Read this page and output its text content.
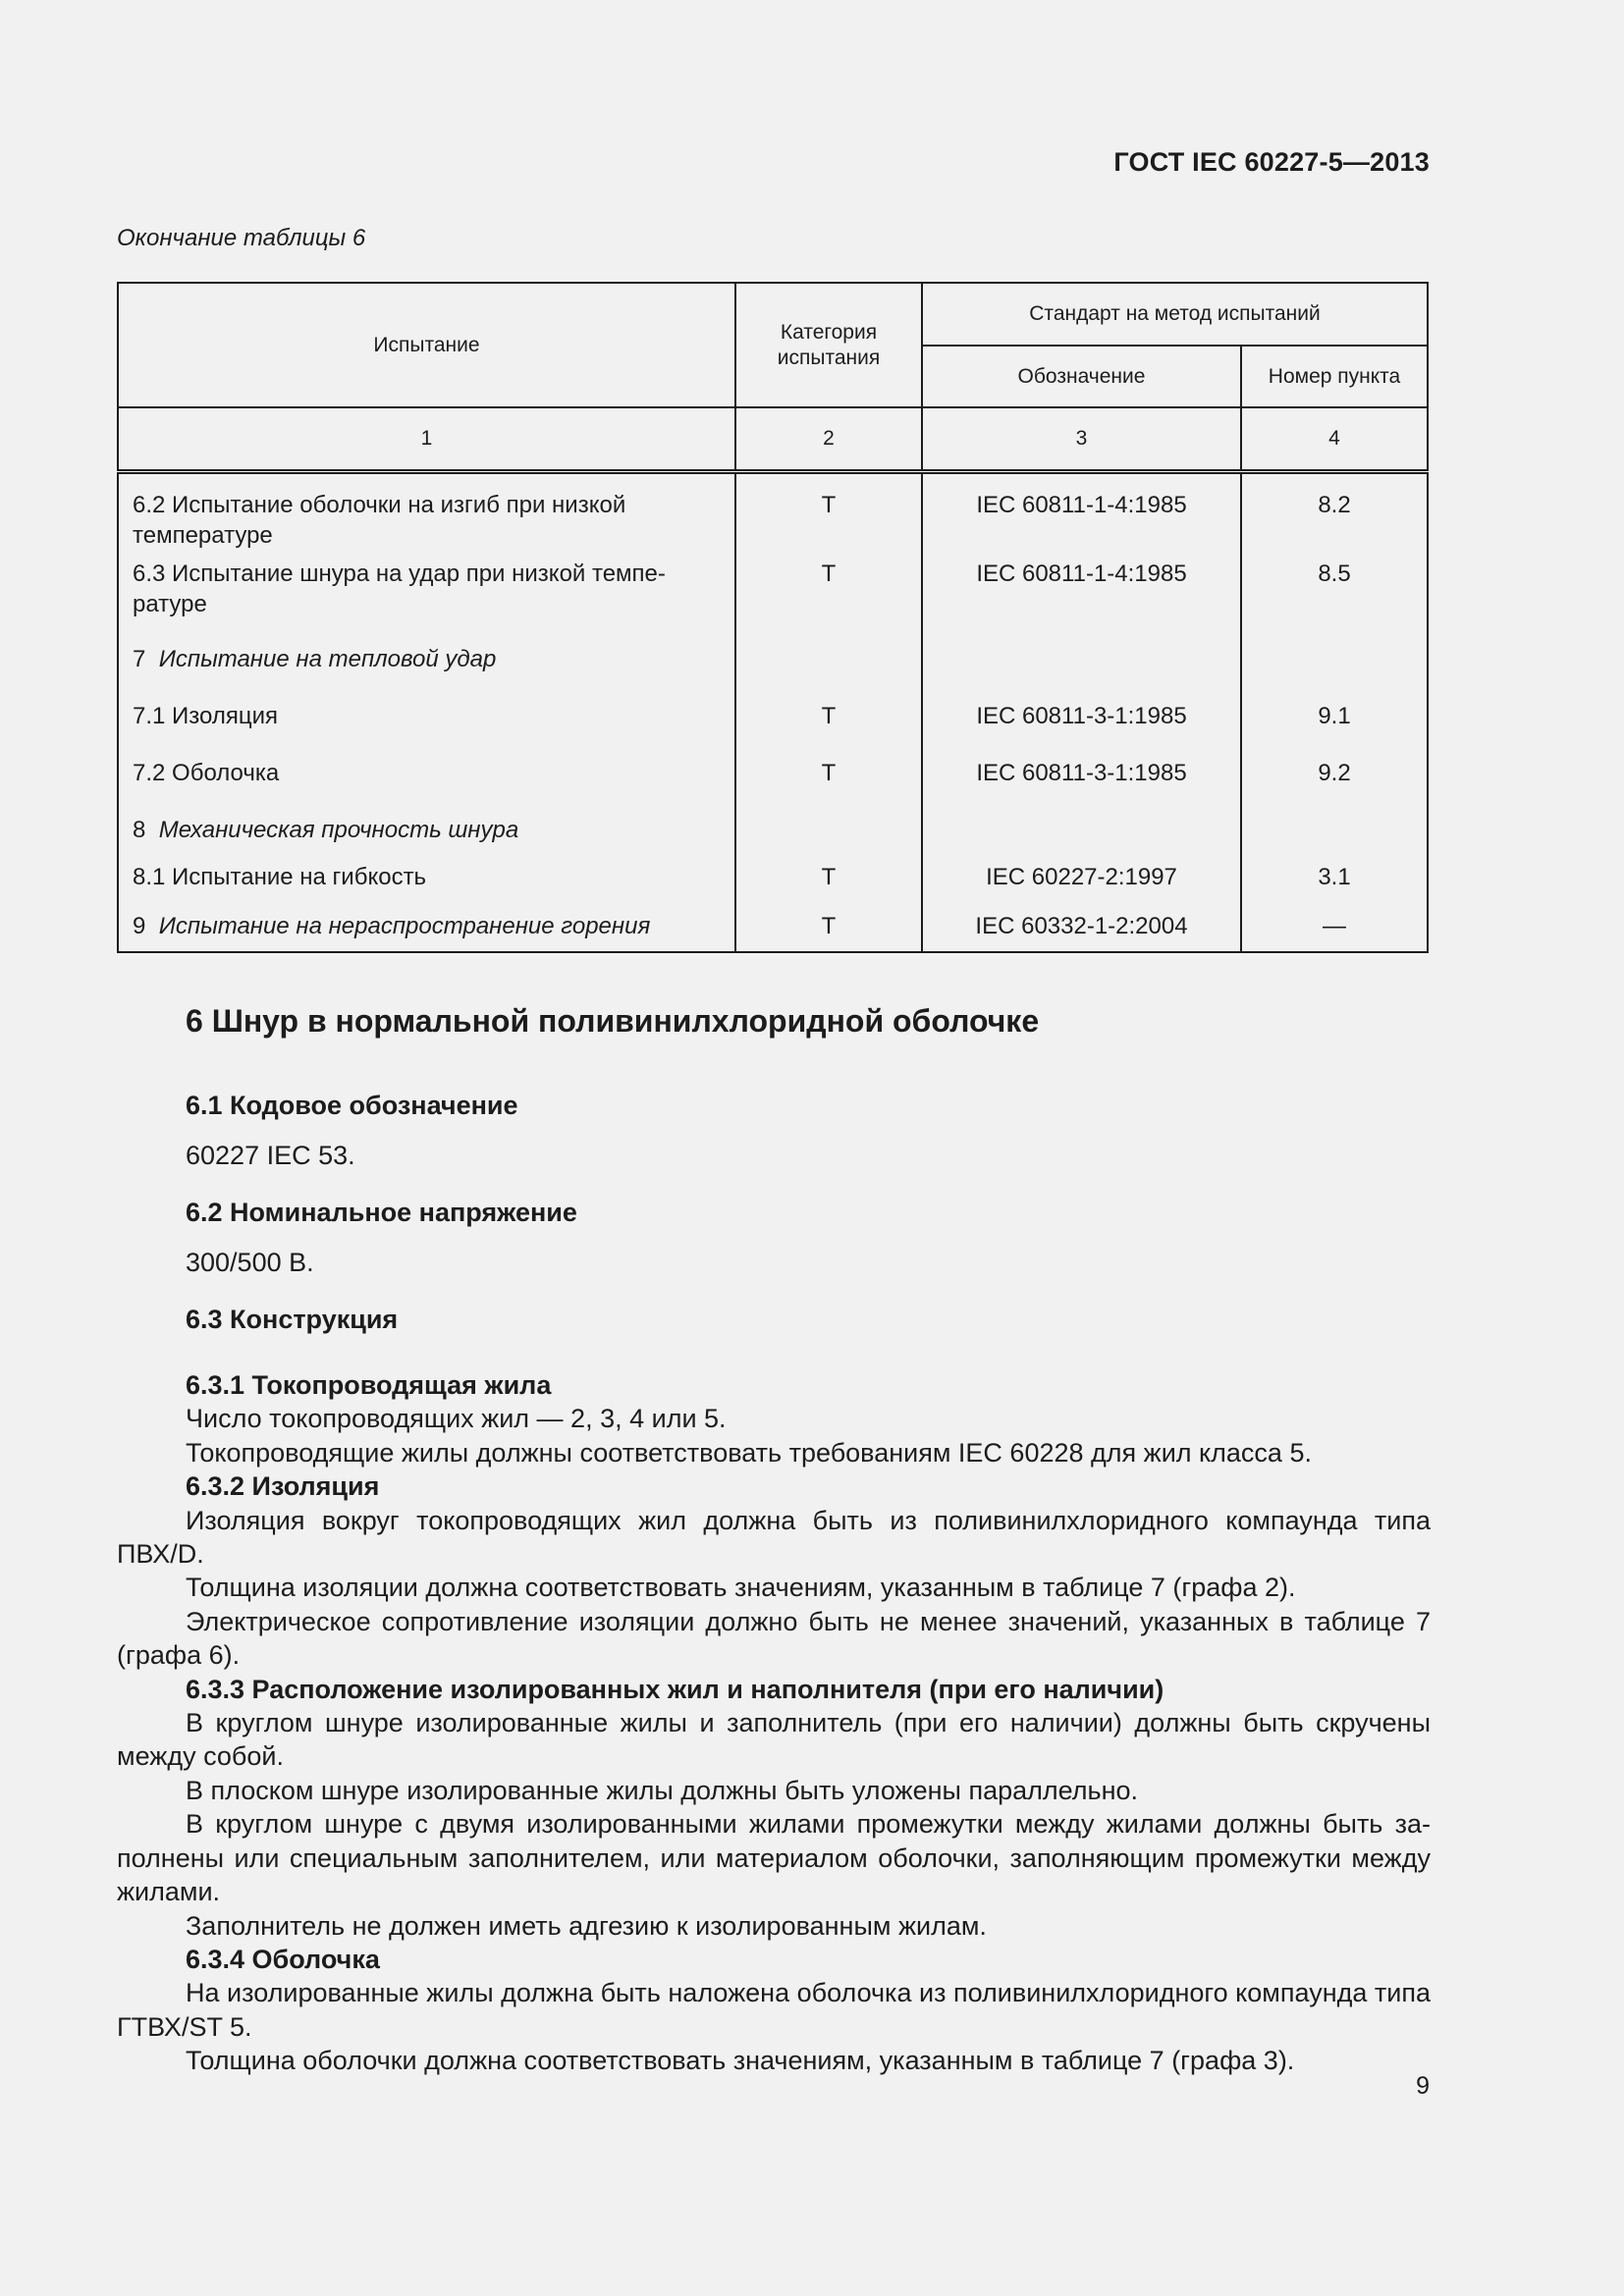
ГОСТ IEC 60227-5—2013
Окончание таблицы 6
Испытание	Категория испытания	Стандарт на метод испытаний	
		Обозначение	Номер пункта
1	2	3	4
6.2 Испытание оболочки на изгиб при низкой температуре	Т	IEC 60811-1-4:1985	8.2
6.3 Испытание шнура на удар при низкой температуре	Т	IEC 60811-1-4:1985	8.5
7 Испытание на тепловой удар			
7.1 Изоляция	Т	IEC 60811-3-1:1985	9.1
7.2 Оболочка	Т	IEC 60811-3-1:1985	9.2
8 Механическая прочность шнура			
8.1 Испытание на гибкость	Т	IEC 60227-2:1997	3.1
9 Испытание на нераспространение горения	Т	IEC 60332-1-2:2004	—
6 Шнур в нормальной поливинилхлоридной оболочке
6.1 Кодовое обозначение
60227 IEC 53.
6.2 Номинальное напряжение
300/500 В.
6.3 Конструкция

6.3.1 Токопроводящая жила

Число токопроводящих жил — 2, 3, 4 или 5.

Токопроводящие жилы должны соответствовать требованиям IEC 60228 для жил класса 5.

6.3.2 Изоляция

Изоляция вокруг токопроводящих жил должна быть из поливинилхлоридного компаунда типа ПВХ/D.

Толщина изоляции должна соответствовать значениям, указанным в таблице 7 (графа 2).

Электрическое сопротивление изоляции должно быть не менее значений, указанных в таблице 7 (графа 6).

6.3.3 Расположение изолированных жил и наполнителя (при его наличии)

В круглом шнуре изолированные жилы и заполнитель (при его наличии) должны быть скручены между собой.

В плоском шнуре изолированные жилы должны быть уложены параллельно.

В круглом шнуре с двумя изолированными жилами промежутки между жилами должны быть заполнены или специальным заполнителем, или материалом оболочки, заполняющим промежутки между жилами.

Заполнитель не должен иметь адгезию к изолированным жилам.

6.3.4 Оболочка

На изолированные жилы должна быть наложена оболочка из поливинилхлоридного компаунда типа ГТВХ/ST 5.

Толщина оболочки должна соответствовать значениям, указанным в таблице 7 (графа 3).

9
